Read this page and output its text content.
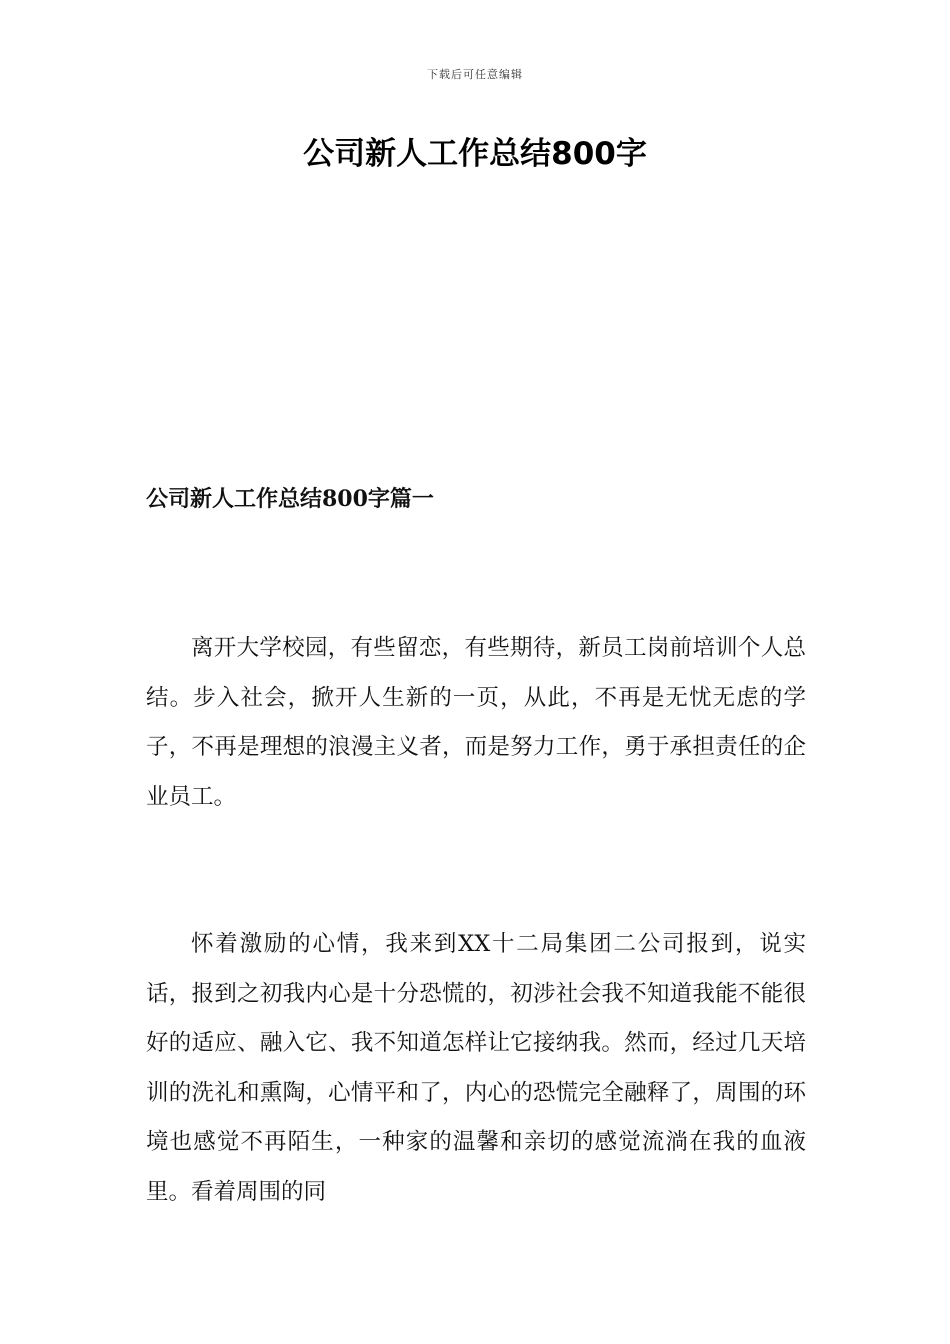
下载后可任意编辑
公司新人工作总结800字
公司新人工作总结800字篇一

离开大学校园，有些留恋，有些期待，新员工岗前培训个人总结。步入社会，掀开人生新的一页，从此，不再是无忧无虑的学子，不再是理想的浪漫主义者，而是努力工作，勇于承担责任的企业员工。

怀着激励的心情，我来到XX十二局集团二公司报到，说实话，报到之初我内心是十分恐慌的，初涉社会我不知道我能不能很好的适应、融入它、我不知道怎样让它接纳我。然而，经过几天培训的洗礼和熏陶，心情平和了，内心的恐慌完全融释了，周围的环境也感觉不再陌生，一种家的温馨和亲切的感觉流淌在我的血液里。看着周围的同
